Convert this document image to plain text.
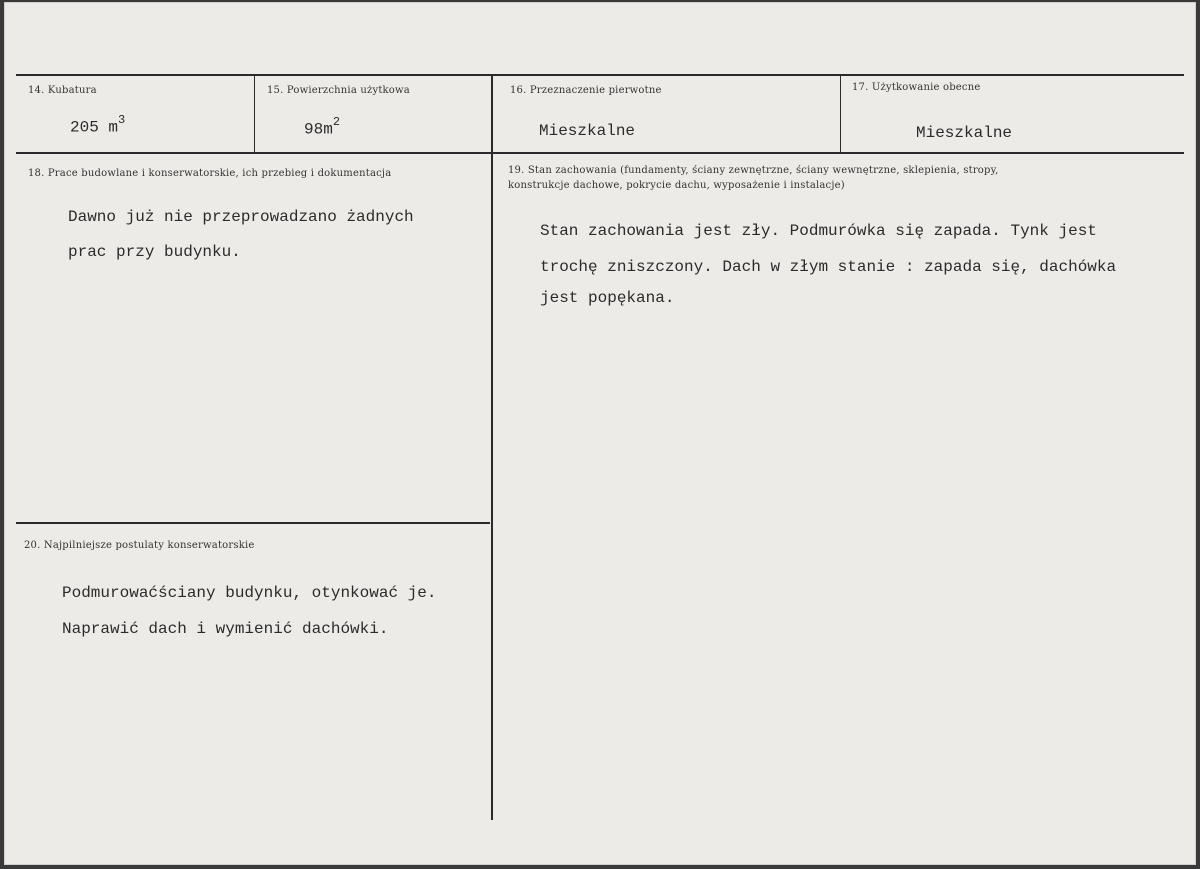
14. Kubatura
205 $m^3$
15. Powierzchnia użytkowa
$98m^2$
16. Przeznaczenie pierwotne
Mieszkalne
17. Użytkowanie obecne
Mieszkalne
18. Prace budowlane i konserwatorskie, ich przebieg i dokumentacja
Dawno już nie przeprowadzano żadnych
prac przy budynku.
19. Stan zachowania (fundamenty, ściany zewnętrzne, ściany wewnętrzne, sklepienia, stropy,
konstrukcje dachowe, pokrycie dachu, wyposażenie i instalacje)
Stan zachowania jest zły. Podmurówka się zapada. Tynk jest
trochę zniszczony. Dach w złym stanie : zapada się, dachówka
jest popękana.
20. Najpilniejsze postulaty konserwatorskie
Podmurowaćściany budynku, otynkować je.
Naprawić dach i wymienić dachówki.
